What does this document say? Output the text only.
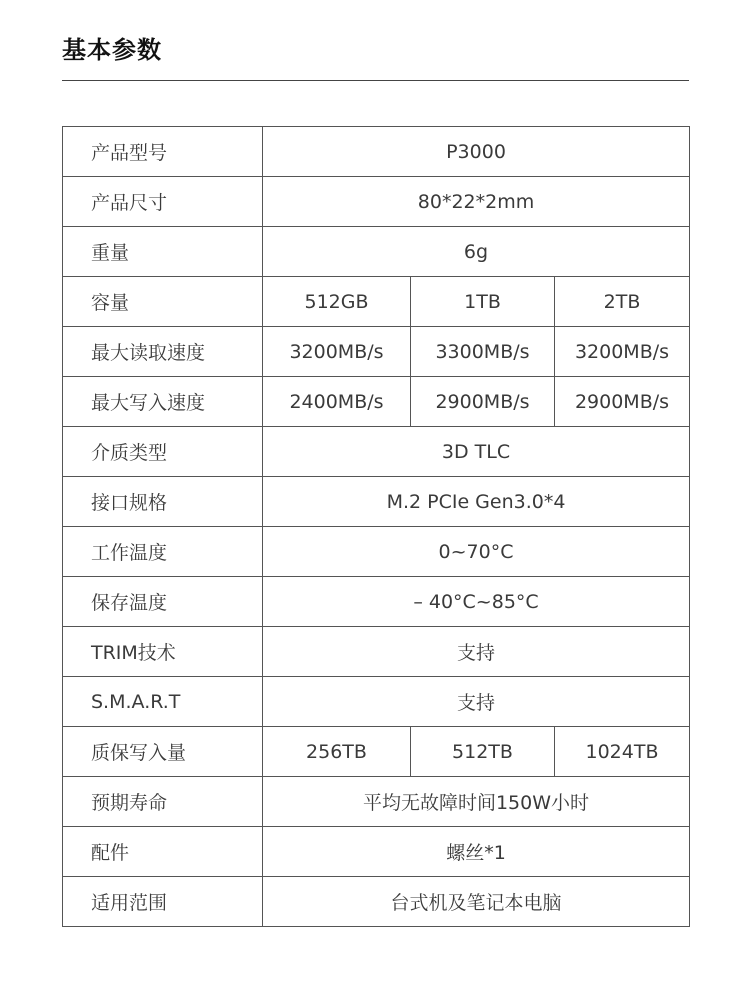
基本参数
产品型号	P3000		
产品尺寸	80*22*2mm		
重量	6g		
容量	512GB	1TB	2TB
最大读取速度	3200MB/s	3300MB/s	3200MB/s
最大写入速度	2400MB/s	2900MB/s	2900MB/s
介质类型	3D TLC		
接口规格	M.2 PCIe Gen3.0*4		
工作温度	0~70°C		
保存温度	– 40°C~85°C		
TRIM技术	支持		
S.M.A.R.T	支持		
质保写入量	256TB	512TB	1024TB
预期寿命	平均无故障时间150W小时		
配件	螺丝*1		
适用范围	台式机及笔记本电脑		
